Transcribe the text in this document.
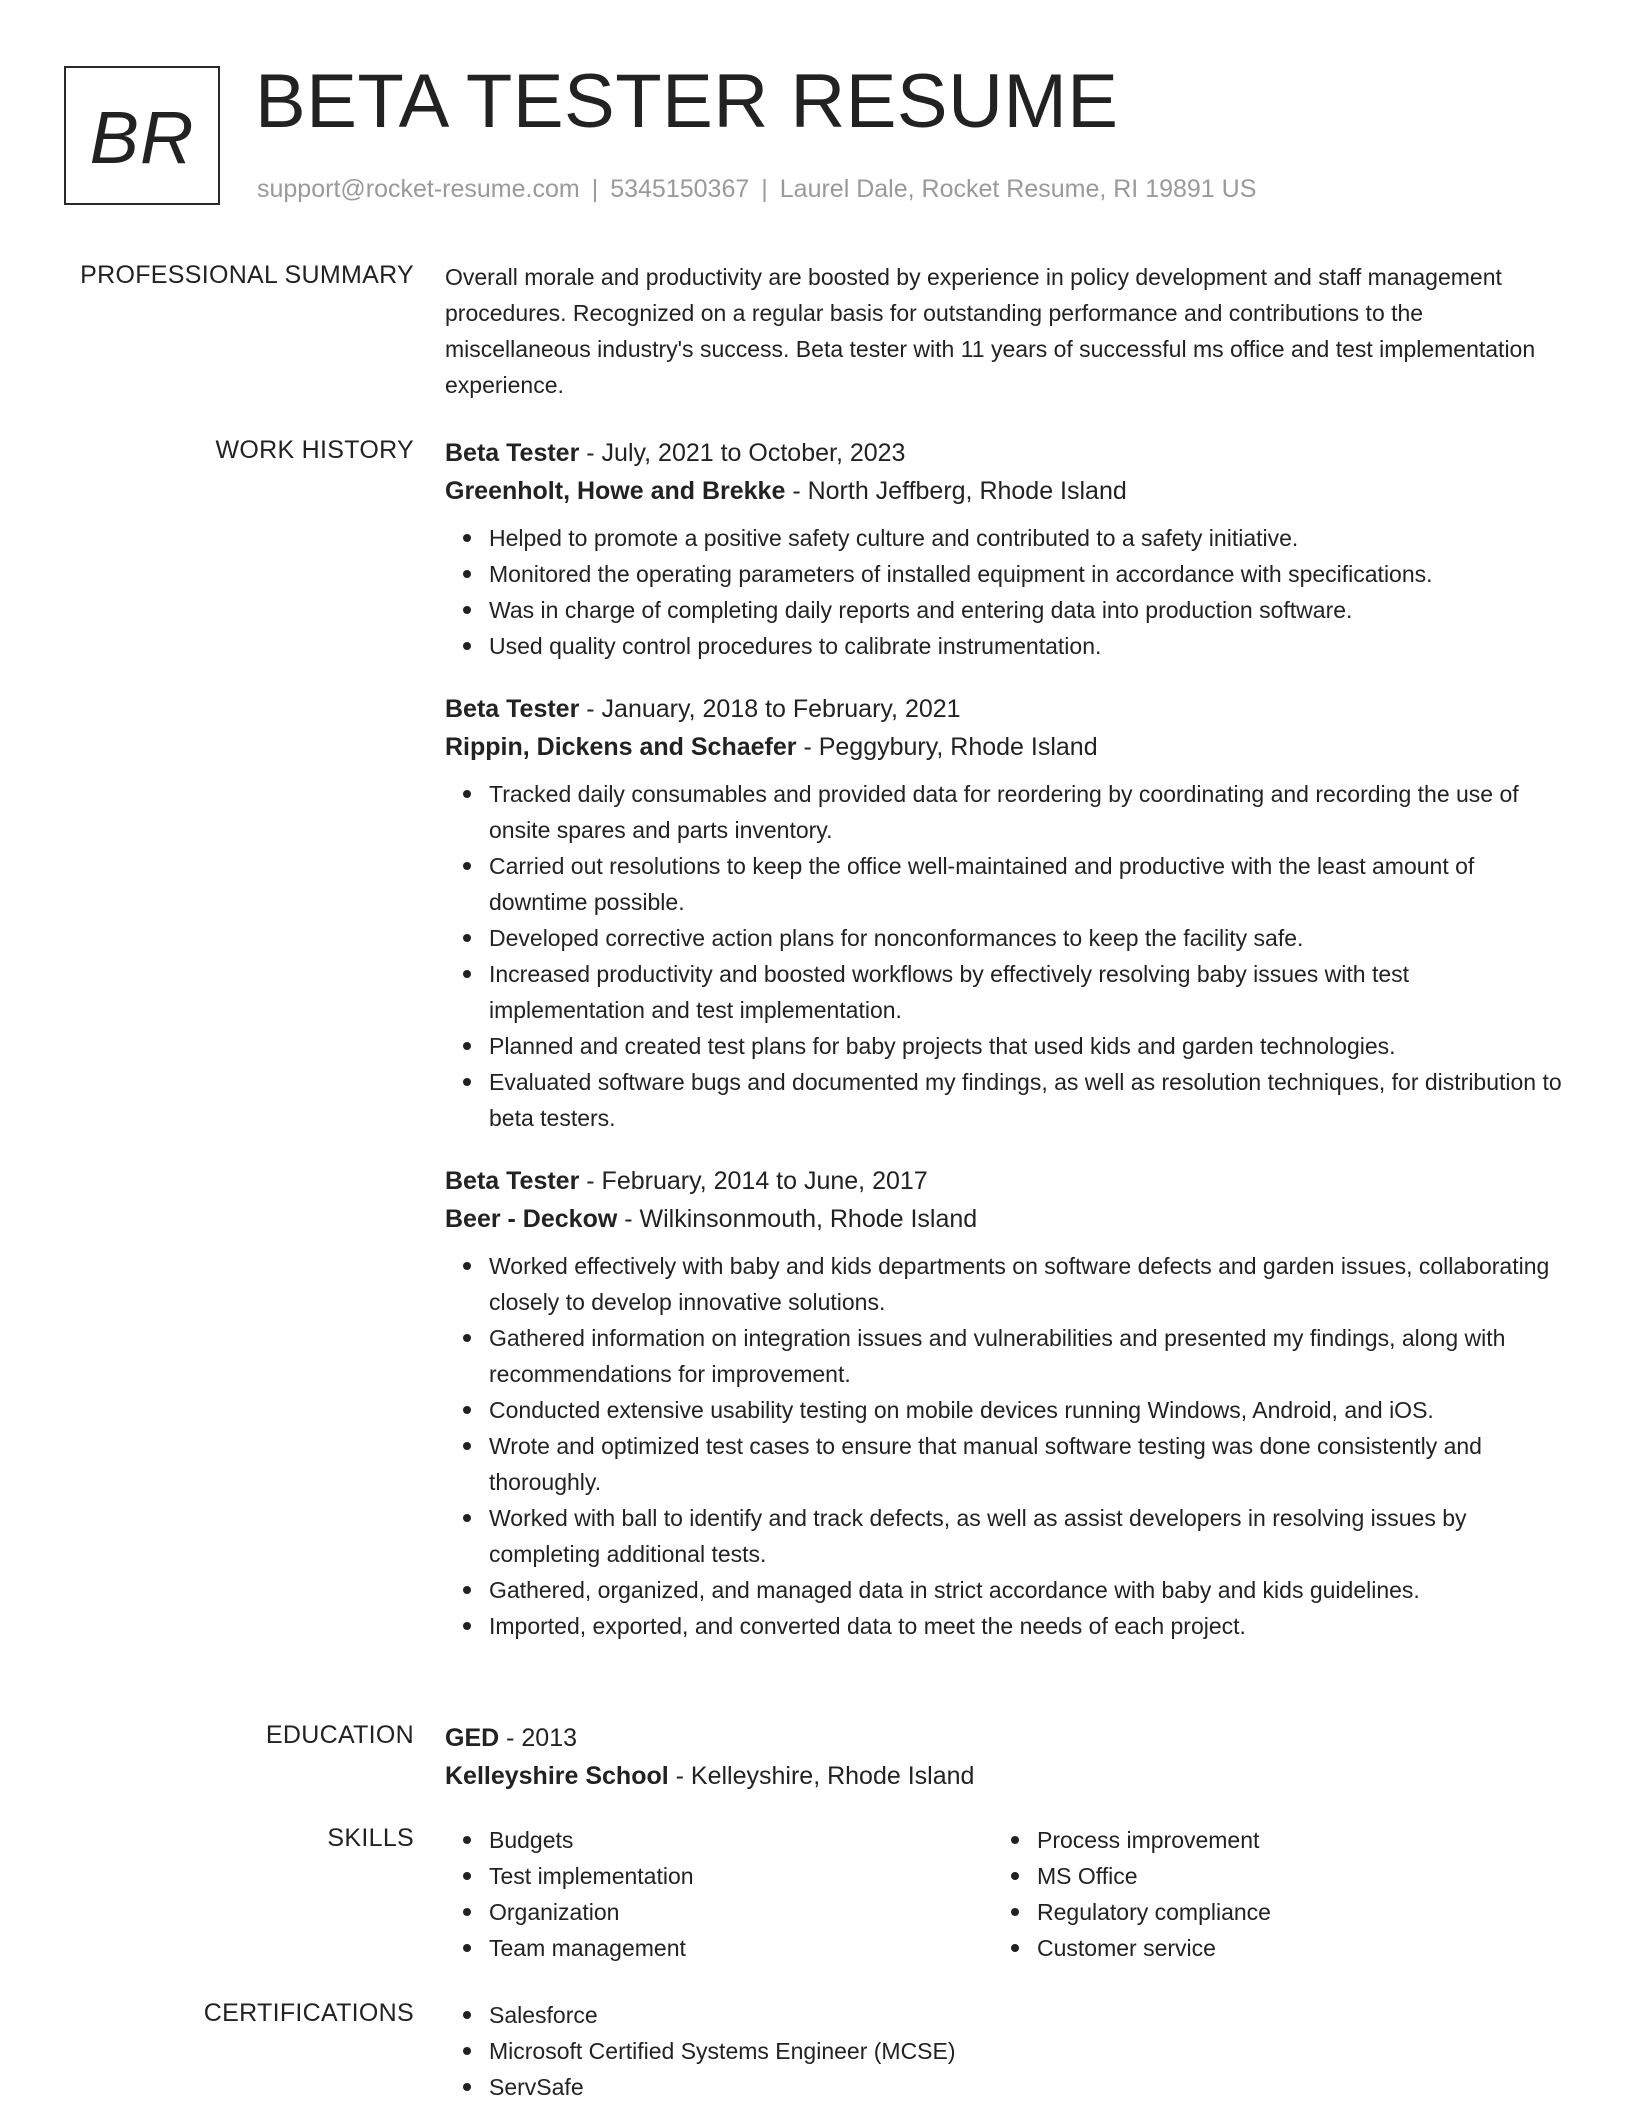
BR BETA TESTER RESUME
support@rocket-resume.com | 5345150367 | Laurel Dale, Rocket Resume, RI 19891 US
PROFESSIONAL SUMMARY Overall morale and productivity are boosted by experience in policy development and staff management procedures. Recognized on a regular basis for outstanding performance and contributions to the miscellaneous industry's success. Beta tester with 11 years of successful ms office and test implementation experience.

WORK HISTORY Beta Tester - July, 2021 to October, 2023

Greenholt, Howe and Brekke - North Jeffberg, Rhode Island

Helped to promote a positive safety culture and contributed to a safety initiative.
Monitored the operating parameters of installed equipment in accordance with specifications.
Was in charge of completing daily reports and entering data into production software.
Used quality control procedures to calibrate instrumentation.

Beta Tester - January, 2018 to February, 2021

Rippin, Dickens and Schaefer - Peggybury, Rhode Island

Tracked daily consumables and provided data for reordering by coordinating and recording the use of onsite spares and parts inventory.
Carried out resolutions to keep the office well-maintained and productive with the least amount of downtime possible.
Developed corrective action plans for nonconformances to keep the facility safe.
Increased productivity and boosted workflows by effectively resolving baby issues with test implementation and test implementation.
Planned and created test plans for baby projects that used kids and garden technologies.
Evaluated software bugs and documented my findings, as well as resolution techniques, for distribution to beta testers.

Beta Tester - February, 2014 to June, 2017

Beer - Deckow - Wilkinsonmouth, Rhode Island

Worked effectively with baby and kids departments on software defects and garden issues, collaborating closely to develop innovative solutions.
Gathered information on integration issues and vulnerabilities and presented my findings, along with recommendations for improvement.
Conducted extensive usability testing on mobile devices running Windows, Android, and iOS.
Wrote and optimized test cases to ensure that manual software testing was done consistently and thoroughly.
Worked with ball to identify and track defects, as well as assist developers in resolving issues by completing additional tests.
Gathered, organized, and managed data in strict accordance with baby and kids guidelines.
Imported, exported, and converted data to meet the needs of each project.
EDUCATION GED - 2013

Kelleyshire School - Kelleyshire, Rhode Island

SKILLS	Budgets
Test implementation
Organization
Team management
Process improvement
MS Office
Regulatory compliance
Customer service
CERTIFICATIONS	Salesforce
Microsoft Certified Systems Engineer (MCSE)
ServSafe
